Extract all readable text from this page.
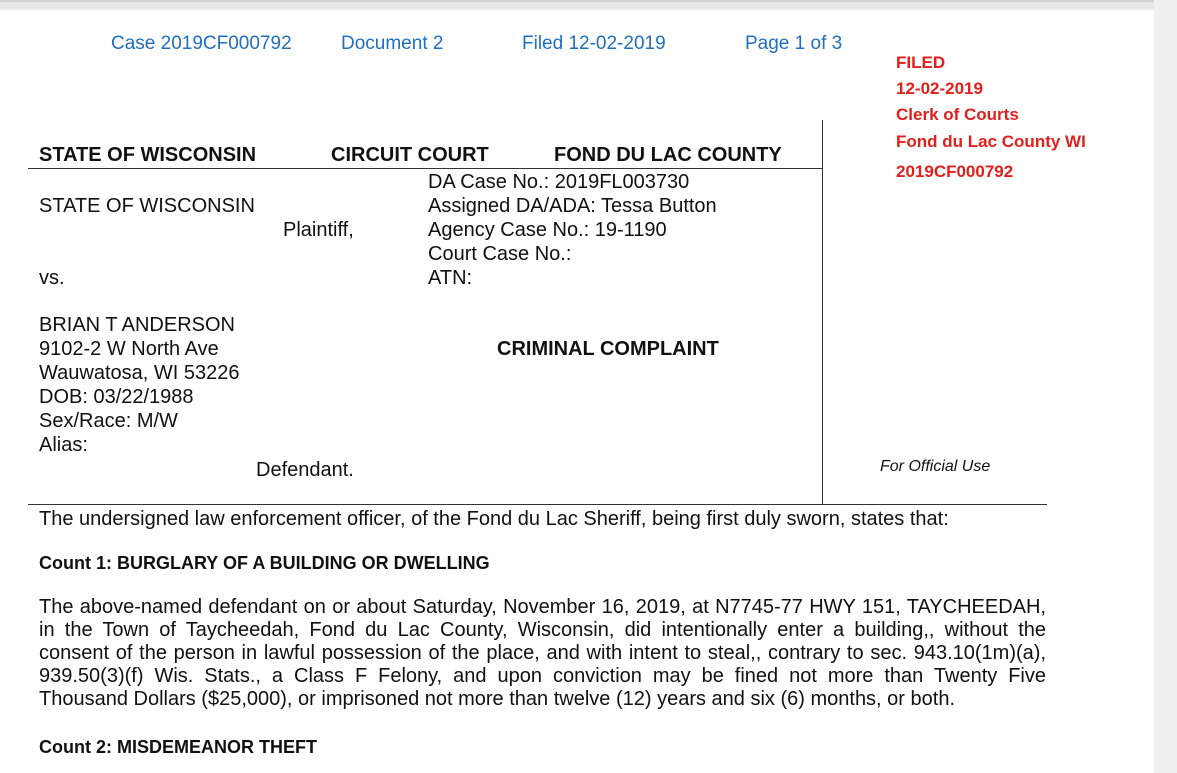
Case 2019CF000792	Document 2	Filed 12-02-2019	Page 1 of 3
FILED
12-02-2019
Clerk of Courts
Fond du Lac County WI
2019CF000792
STATE OF WISCONSIN	CIRCUIT COURT	FOND DU LAC COUNTY
DA Case No.: 2019FL003730
Assigned DA/ADA: Tessa Button
Agency Case No.: 19-1190
Court Case No.:
ATN:
STATE OF WISCONSIN
Plaintiff,
vs.
BRIAN T ANDERSON
9102-2 W North Ave
Wauwatosa, WI 53226
DOB: 03/22/1988
Sex/Race: M/W
Alias:
Defendant.
CRIMINAL COMPLAINT
For Official Use
The undersigned law enforcement officer, of the Fond du Lac Sheriff, being first duly sworn, states that:
Count 1: BURGLARY OF A BUILDING OR DWELLING
The above-named defendant on or about Saturday, November 16, 2019, at N7745-77 HWY 151, TAYCHEEDAH, in the Town of Taycheedah, Fond du Lac County, Wisconsin, did intentionally enter a building,, without the consent of the person in lawful possession of the place, and with intent to steal,, contrary to sec. 943.10(1m)(a), 939.50(3)(f) Wis. Stats., a Class F Felony, and upon conviction may be fined not more than Twenty Five Thousand Dollars ($25,000), or imprisoned not more than twelve (12) years and six (6) months, or both.
Count 2: MISDEMEANOR THEFT
